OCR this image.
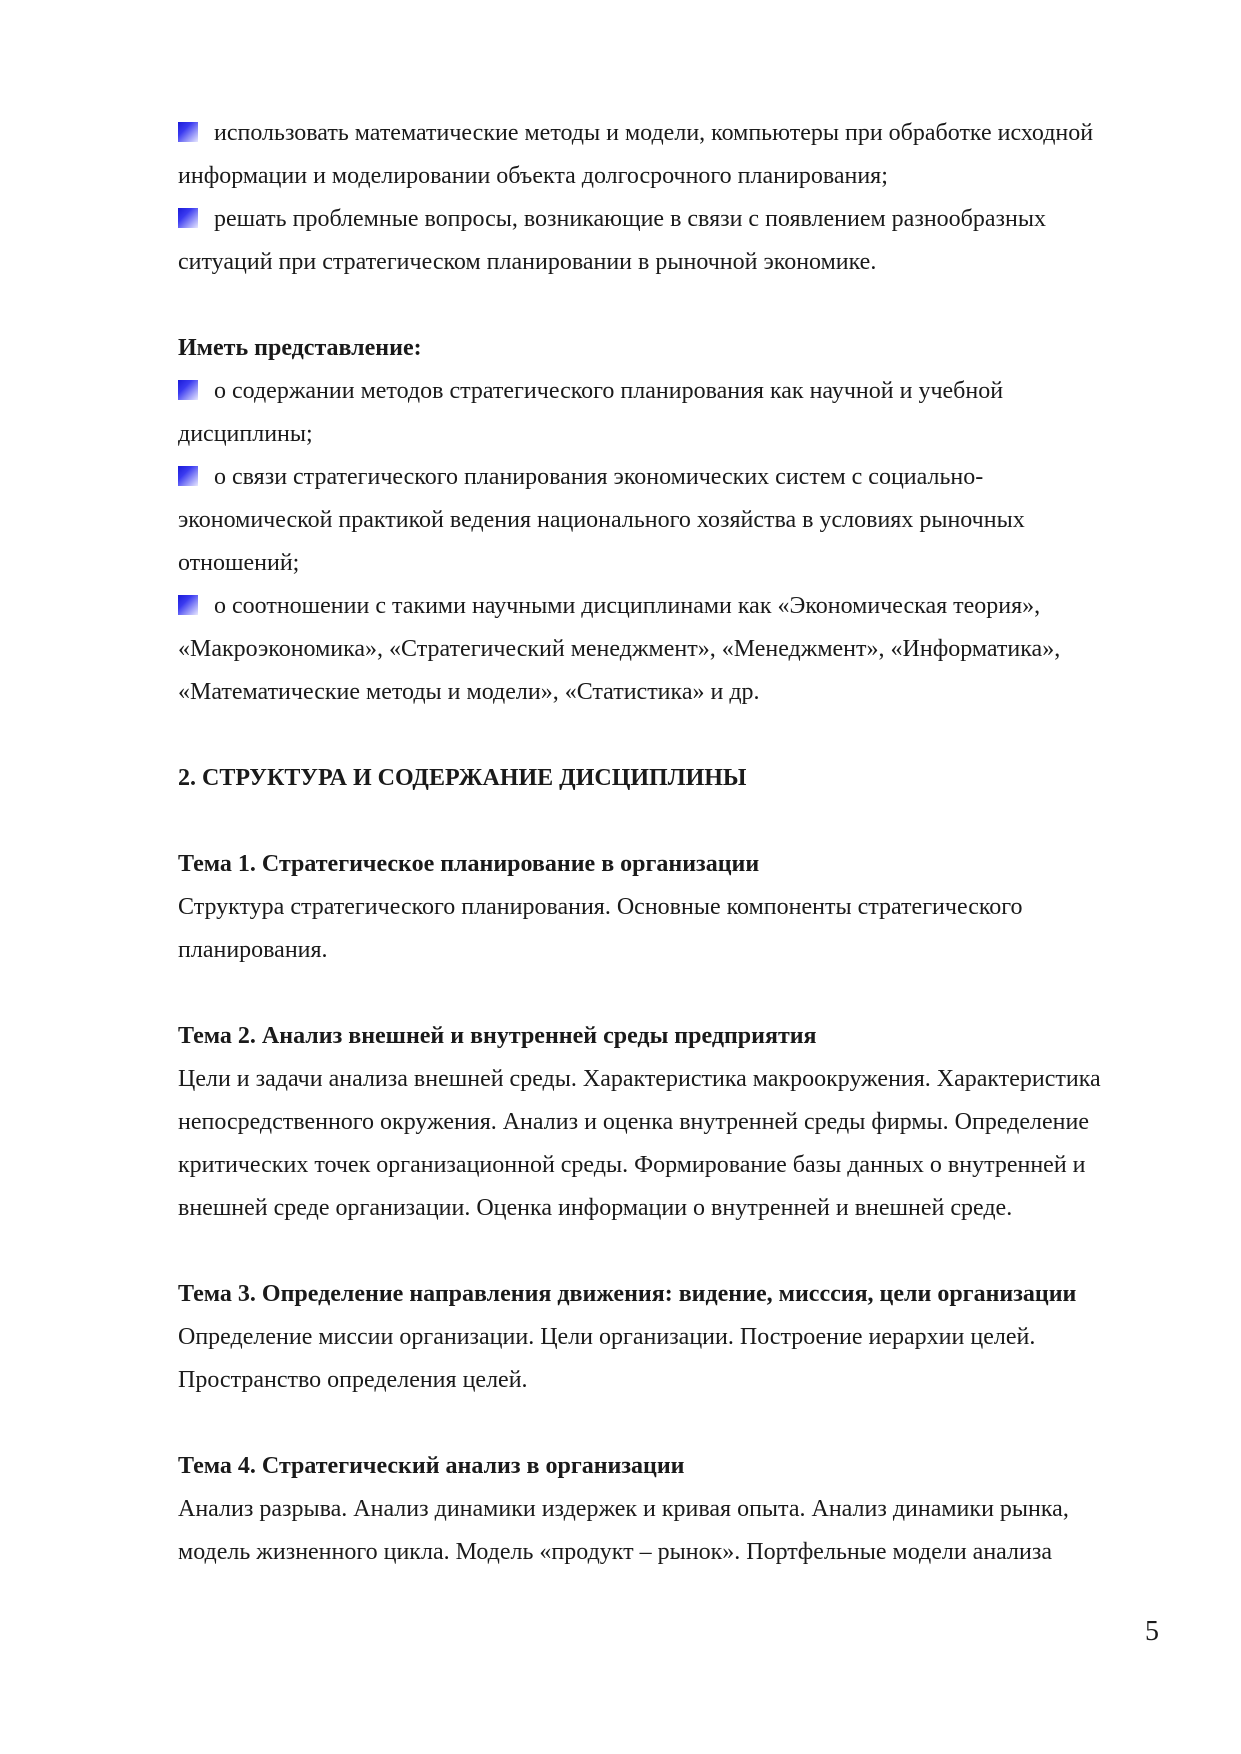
использовать математические методы и модели, компьютеры при обработке исходной
информации и моделировании объекта долгосрочного планирования;
решать проблемные вопросы, возникающие в связи с появлением разнообразных
ситуаций при стратегическом планировании в рыночной экономике.
Иметь представление:
о содержании методов стратегического планирования как научной и учебной
дисциплины;
о связи стратегического планирования экономических систем с социально-
экономической практикой ведения национального хозяйства в условиях рыночных
отношений;
о соотношении с такими научными дисциплинами как «Экономическая теория»,
«Макроэкономика», «Стратегический менеджмент», «Менеджмент», «Информатика»,
«Математические методы и модели», «Статистика» и др.
2. СТРУКТУРА И СОДЕРЖАНИЕ ДИСЦИПЛИНЫ
Тема 1. Стратегическое планирование в организации
Структура стратегического планирования. Основные компоненты стратегического
планирования.
Тема 2. Анализ внешней и внутренней среды предприятия
Цели и задачи анализа внешней среды. Характеристика макроокружения. Характеристика
непосредственного окружения. Анализ и оценка внутренней среды фирмы. Определение
критических точек организационной среды. Формирование базы данных о внутренней и
внешней среде организации. Оценка информации о внутренней и внешней среде.
Тема 3. Определение направления движения: видение, мисссия, цели организации
Определение миссии организации. Цели организации. Построение иерархии целей.
Пространство определения целей.
Тема 4. Стратегический анализ в организации
Анализ разрыва. Анализ динамики издержек и кривая опыта. Анализ динамики рынка,
модель жизненного цикла. Модель «продукт – рынок». Портфельные модели анализа
5
